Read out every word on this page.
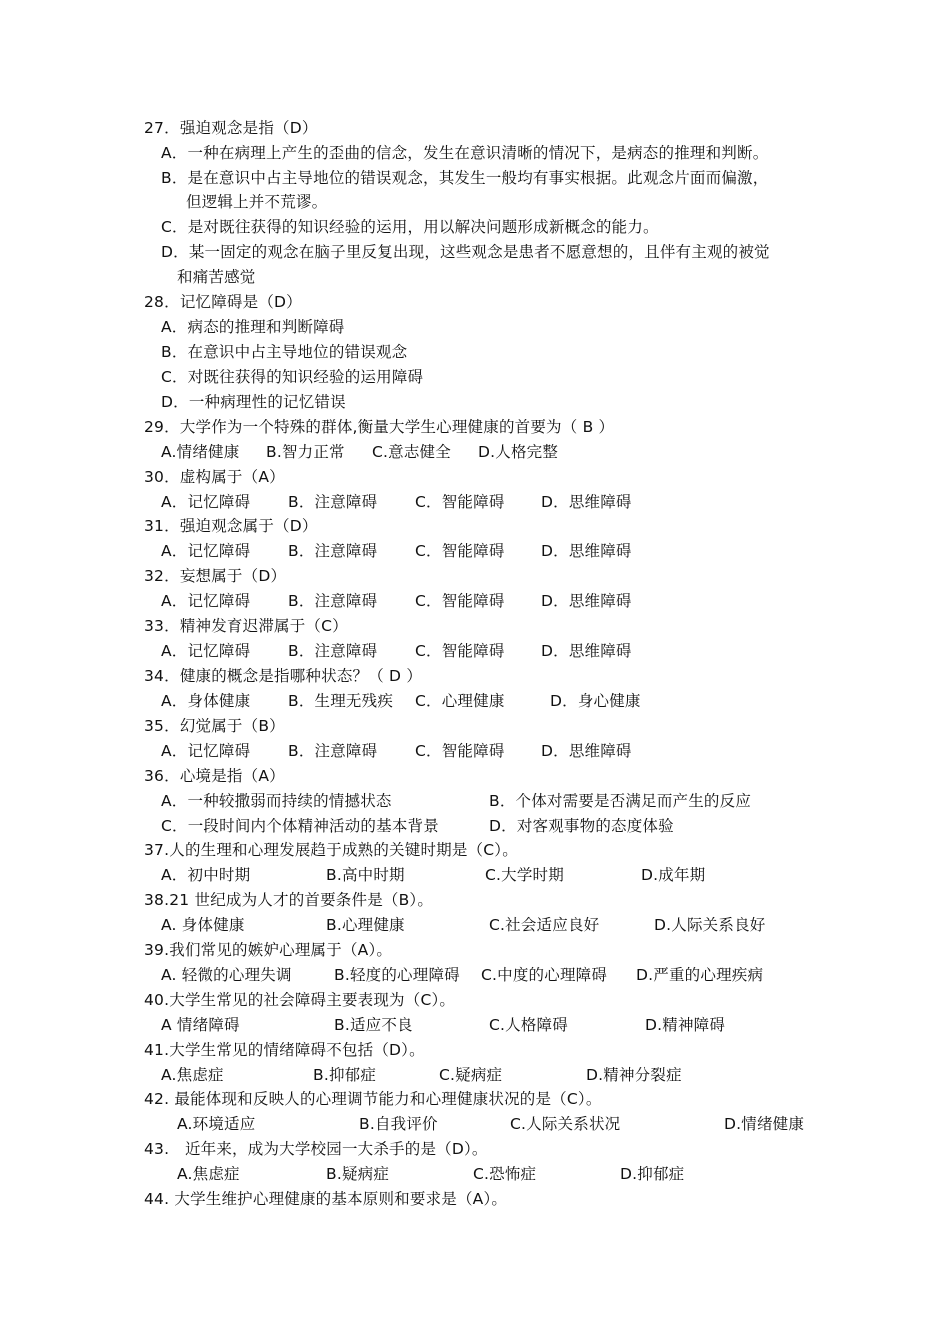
27．强迫观念是指（D）
A．一种在病理上产生的歪曲的信念，发生在意识清晰的情况下，是病态的推理和判断。
B．是在意识中占主导地位的错误观念，其发生一般均有事实根据。此观念片面而偏激，
但逻辑上并不荒谬。
C．是对既往获得的知识经验的运用，用以解决问题形成新概念的能力。
D．某一固定的观念在脑子里反复出现，这些观念是患者不愿意想的，且伴有主观的被觉
和痛苦感觉
28．记忆障碍是（D）
A．病态的推理和判断障碍
B．在意识中占主导地位的错误观念
C．对既往获得的知识经验的运用障碍
D．一种病理性的记忆错误
29．大学作为一个特殊的群体,衡量大学生心理健康的首要为（ B ）
A.情绪健康 B.智力正常 C.意志健全 D.人格完整
30．虚构属于（A）
A．记忆障碍 B．注意障碍 C．智能障碍 D．思维障碍
31．强迫观念属于（D）
A．记忆障碍 B．注意障碍 C．智能障碍 D．思维障碍
32．妄想属于（D）
A．记忆障碍 B．注意障碍 C．智能障碍 D．思维障碍
33．精神发育迟滞属于（C）
A．记忆障碍 B．注意障碍 C．智能障碍 D．思维障碍
34．健康的概念是指哪种状态？（ D ）
A．身体健康 B．生理无残疾 C．心理健康	D．身心健康
35．幻觉属于（B）
A．记忆障碍 B．注意障碍 C．智能障碍 D．思维障碍
36．心境是指（A）
A．一种较撒弱而持续的情撼状态	B．个体对需要是否满足而产生的反应
C．一段时间内个体精神活动的基本背景	D．对客观事物的态度体验
37.人的生理和心理发展趋于成熟的关键时期是（C）。
A．初中时期	B.高中时期	C.大学时期	D.成年期
38.21 世纪成为人才的首要条件是（B）。
A. 身体健康	B.心理健康	C.社会适应良好	D.人际关系良好
39.我们常见的嫉妒心理属于（A）。
A. 轻微的心理失调	B.轻度的心理障碍 C.中度的心理障碍 D.严重的心理疾病
40.大学生常见的社会障碍主要表现为（C）。
A 情绪障碍	B.适应不良	C.人格障碍	D.精神障碍
41.大学生常见的情绪障碍不包括（D）。
A.焦虑症	B.抑郁症	C.疑病症	D.精神分裂症
42. 最能体现和反映人的心理调节能力和心理健康状况的是（C）。
A.环境适应	B.自我评价	C.人际关系状况	D.情绪健康
43.　近年来，成为大学校园一大杀手的是（D）。
A.焦虑症	B.疑病症	C.恐怖症	D.抑郁症
44. 大学生维护心理健康的基本原则和要求是（A）。
